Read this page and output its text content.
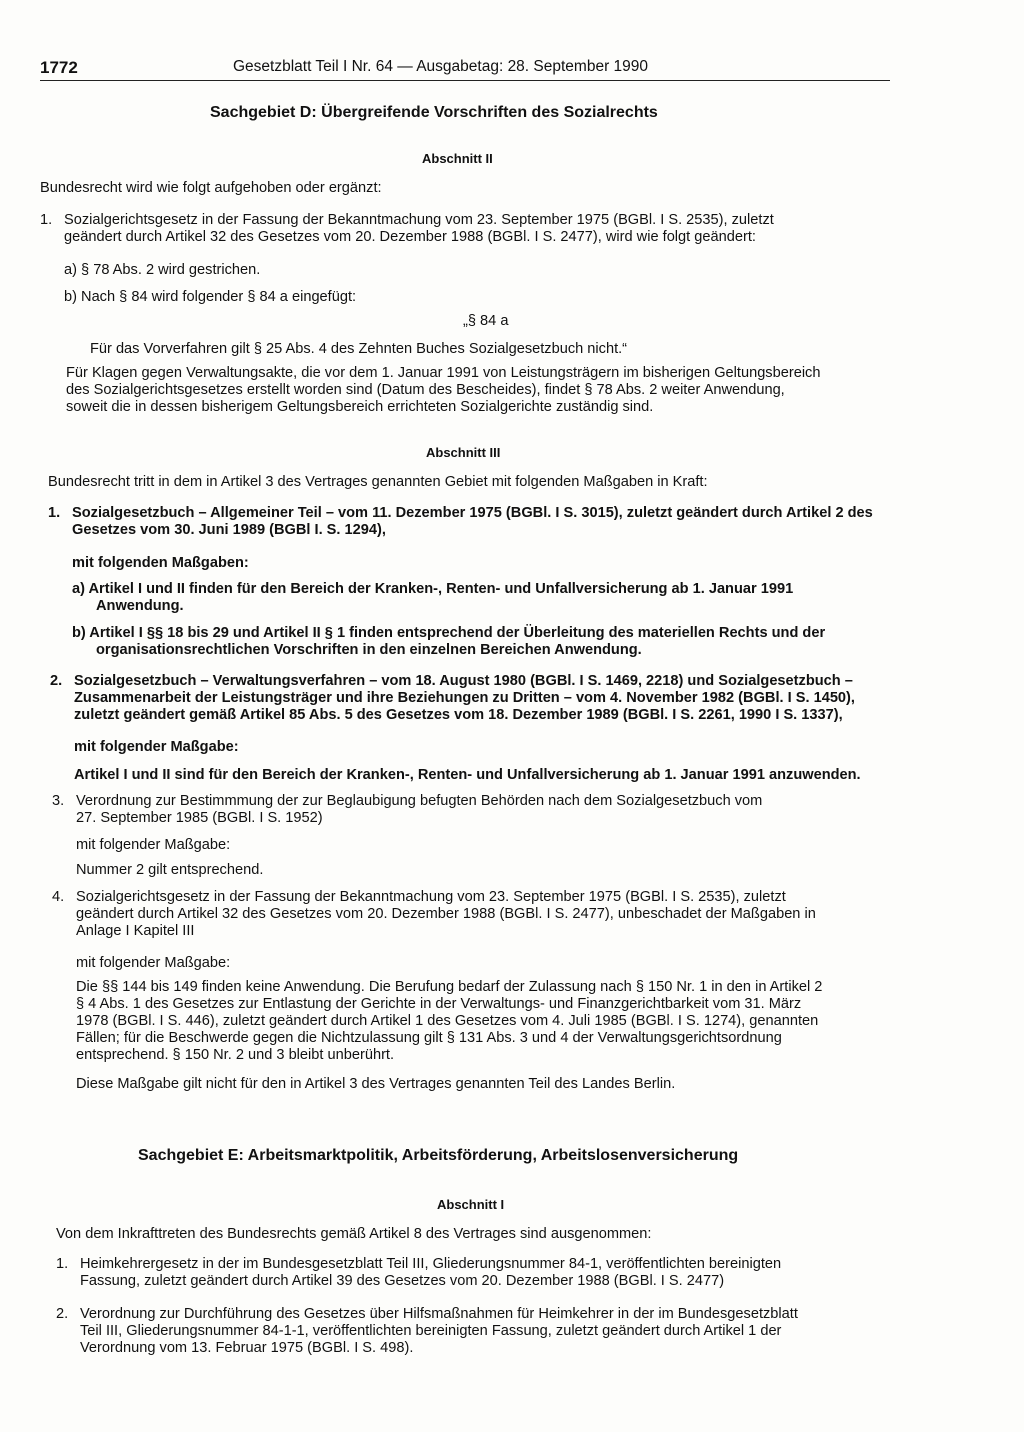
1772	Gesetzblatt Teil I Nr. 64 — Ausgabetag: 28. September 1990
Sachgebiet D: Übergreifende Vorschriften des Sozialrechts
Abschnitt II
Bundesrecht wird wie folgt aufgehoben oder ergänzt:
1. Sozialgerichtsgesetz in der Fassung der Bekanntmachung vom 23. September 1975 (BGBl. I S. 2535), zuletzt
geändert durch Artikel 32 des Gesetzes vom 20. Dezember 1988 (BGBl. I S. 2477), wird wie folgt geändert:
a) § 78 Abs. 2 wird gestrichen.
b) Nach § 84 wird folgender § 84 a eingefügt:
„§ 84 a
Für das Vorverfahren gilt § 25 Abs. 4 des Zehnten Buches Sozialgesetzbuch nicht.“
Für Klagen gegen Verwaltungsakte, die vor dem 1. Januar 1991 von Leistungsträgern im bisherigen Geltungsbereich
des Sozialgerichtsgesetzes erstellt worden sind (Datum des Bescheides), findet § 78 Abs. 2 weiter Anwendung,
soweit die in dessen bisherigem Geltungsbereich errichteten Sozialgerichte zuständig sind.
Abschnitt III
Bundesrecht tritt in dem in Artikel 3 des Vertrages genannten Gebiet mit folgenden Maßgaben in Kraft:
1. Sozialgesetzbuch – Allgemeiner Teil – vom 11. Dezember 1975 (BGBl. I S. 3015), zuletzt geändert durch Artikel 2 des
Gesetzes vom 30. Juni 1989 (BGBl I. S. 1294),
mit folgenden Maßgaben:
a) Artikel I und II finden für den Bereich der Kranken-, Renten- und Unfallversicherung ab 1. Januar 1991
Anwendung.
b) Artikel I §§ 18 bis 29 und Artikel II § 1 finden entsprechend der Überleitung des materiellen Rechts und der
organisationsrechtlichen Vorschriften in den einzelnen Bereichen Anwendung.
2. Sozialgesetzbuch – Verwaltungsverfahren – vom 18. August 1980 (BGBl. I S. 1469, 2218) und Sozialgesetzbuch –
Zusammenarbeit der Leistungsträger und ihre Beziehungen zu Dritten – vom 4. November 1982 (BGBl. I S. 1450),
zuletzt geändert gemäß Artikel 85 Abs. 5 des Gesetzes vom 18. Dezember 1989 (BGBl. I S. 2261, 1990 I S. 1337),
mit folgender Maßgabe:
Artikel I und II sind für den Bereich der Kranken-, Renten- und Unfallversicherung ab 1. Januar 1991 anzuwenden.
3. Verordnung zur Bestimmmung der zur Beglaubigung befugten Behörden nach dem Sozialgesetzbuch vom
27. September 1985 (BGBl. I S. 1952)
mit folgender Maßgabe:
Nummer 2 gilt entsprechend.
4. Sozialgerichtsgesetz in der Fassung der Bekanntmachung vom 23. September 1975 (BGBl. I S. 2535), zuletzt
geändert durch Artikel 32 des Gesetzes vom 20. Dezember 1988 (BGBl. I S. 2477), unbeschadet der Maßgaben in
Anlage I Kapitel III
mit folgender Maßgabe:
Die §§ 144 bis 149 finden keine Anwendung. Die Berufung bedarf der Zulassung nach § 150 Nr. 1 in den in Artikel 2
§ 4 Abs. 1 des Gesetzes zur Entlastung der Gerichte in der Verwaltungs- und Finanzgerichtbarkeit vom 31. März
1978 (BGBl. I S. 446), zuletzt geändert durch Artikel 1 des Gesetzes vom 4. Juli 1985 (BGBl. I S. 1274), genannten
Fällen; für die Beschwerde gegen die Nichtzulassung gilt § 131 Abs. 3 und 4 der Verwaltungsgerichtsordnung
entsprechend. § 150 Nr. 2 und 3 bleibt unberührt.
Diese Maßgabe gilt nicht für den in Artikel 3 des Vertrages genannten Teil des Landes Berlin.
Sachgebiet E: Arbeitsmarktpolitik, Arbeitsförderung, Arbeitslosenversicherung
Abschnitt I
Von dem Inkrafttreten des Bundesrechts gemäß Artikel 8 des Vertrages sind ausgenommen:
1. Heimkehrergesetz in der im Bundesgesetzblatt Teil III, Gliederungsnummer 84-1, veröffentlichten bereinigten
Fassung, zuletzt geändert durch Artikel 39 des Gesetzes vom 20. Dezember 1988 (BGBl. I S. 2477)
2. Verordnung zur Durchführung des Gesetzes über Hilfsmaßnahmen für Heimkehrer in der im Bundesgesetzblatt
Teil III, Gliederungsnummer 84-1-1, veröffentlichten bereinigten Fassung, zuletzt geändert durch Artikel 1 der
Verordnung vom 13. Februar 1975 (BGBl. I S. 498).
